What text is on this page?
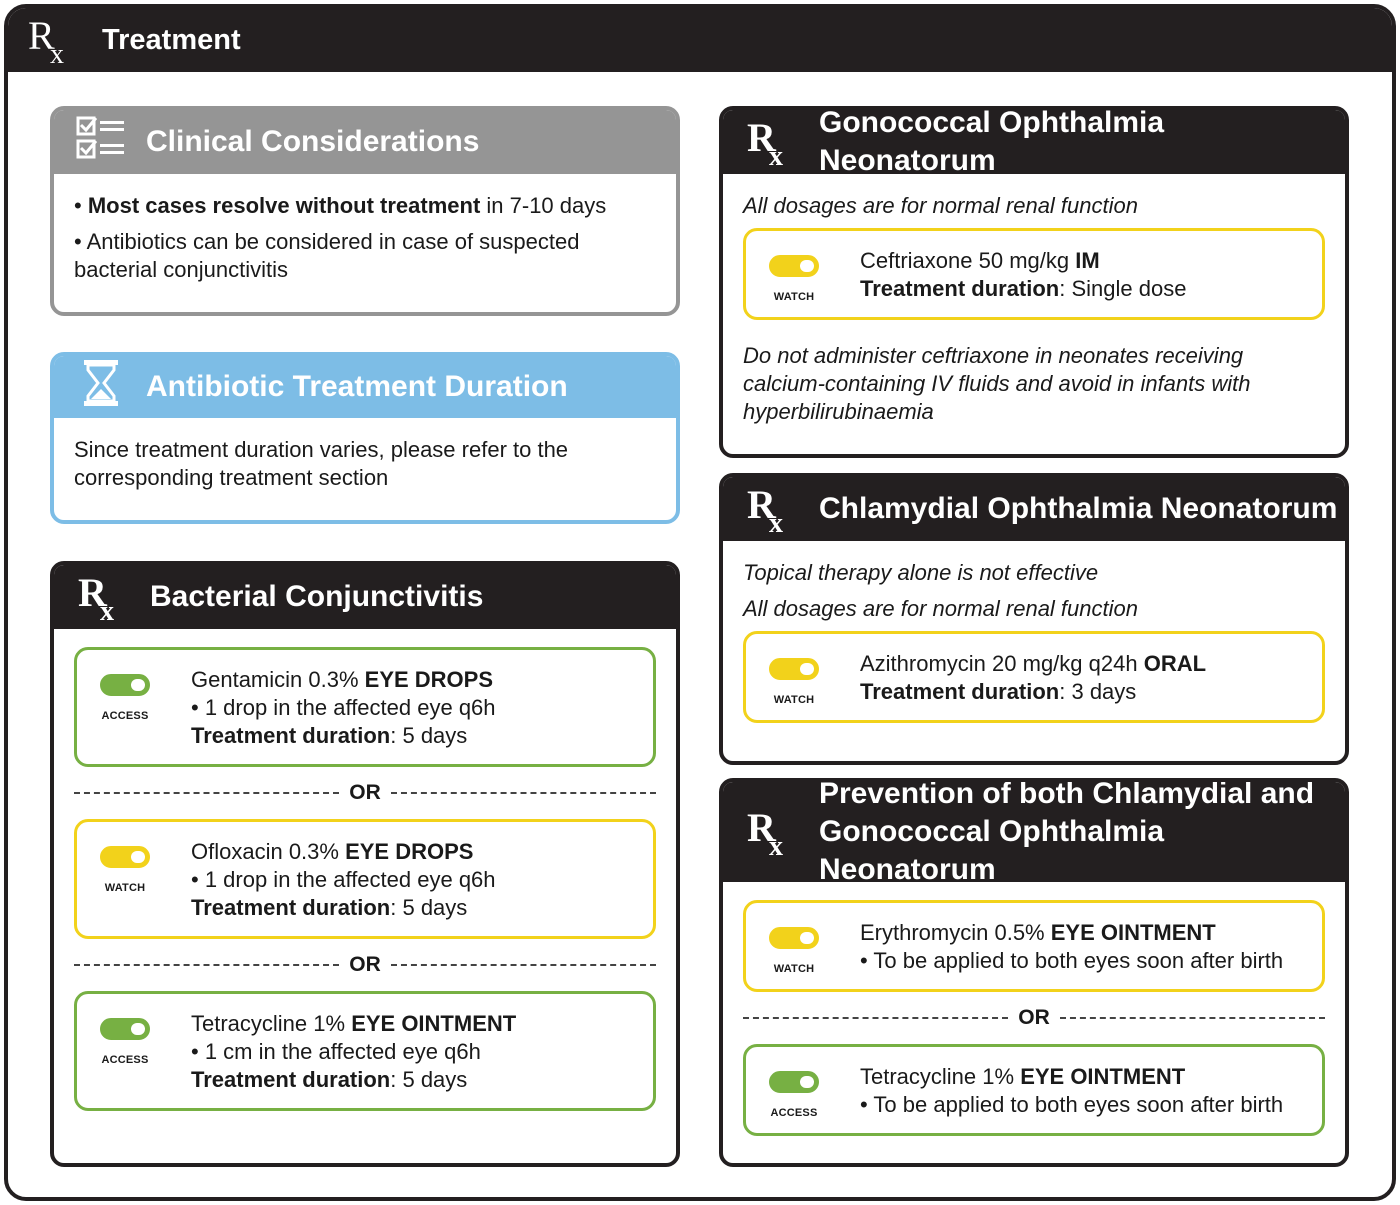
Treatment
Clinical Considerations

• Most cases resolve without treatment in 7-10 days

• Antibiotics can be considered in case of suspected bacterial conjunctivitis

Antibiotic Treatment Duration

Since treatment duration varies, please refer to the corresponding treatment section

Bacterial Conjunctivitis
ACCESS
Gentamicin 0.3% EYE DROPS
• 1 drop in the affected eye q6h
Treatment duration: 5 days
OR
WATCH
Ofloxacin 0.3% EYE DROPS
• 1 drop in the affected eye q6h
Treatment duration: 5 days
OR
ACCESS
Tetracycline 1% EYE OINTMENT
• 1 cm in the affected eye q6h
Treatment duration: 5 days
Gonococcal Ophthalmia Neonatorum

All dosages are for normal renal function

WATCH
Ceftriaxone 50 mg/kg IM
Treatment duration: Single dose

Do not administer ceftriaxone in neonates receiving calcium-containing IV fluids and avoid in infants with hyperbilirubinaemia

Chlamydial Ophthalmia Neonatorum

Topical therapy alone is not effective

All dosages are for normal renal function

WATCH
Azithromycin 20 mg/kg q24h ORAL
Treatment duration: 3 days
Prevention of both Chlamydial and
Gonococcal Ophthalmia Neonatorum
WATCH
Erythromycin 0.5% EYE OINTMENT
• To be applied to both eyes soon after birth
OR
ACCESS
Tetracycline 1% EYE OINTMENT
• To be applied to both eyes soon after birth
